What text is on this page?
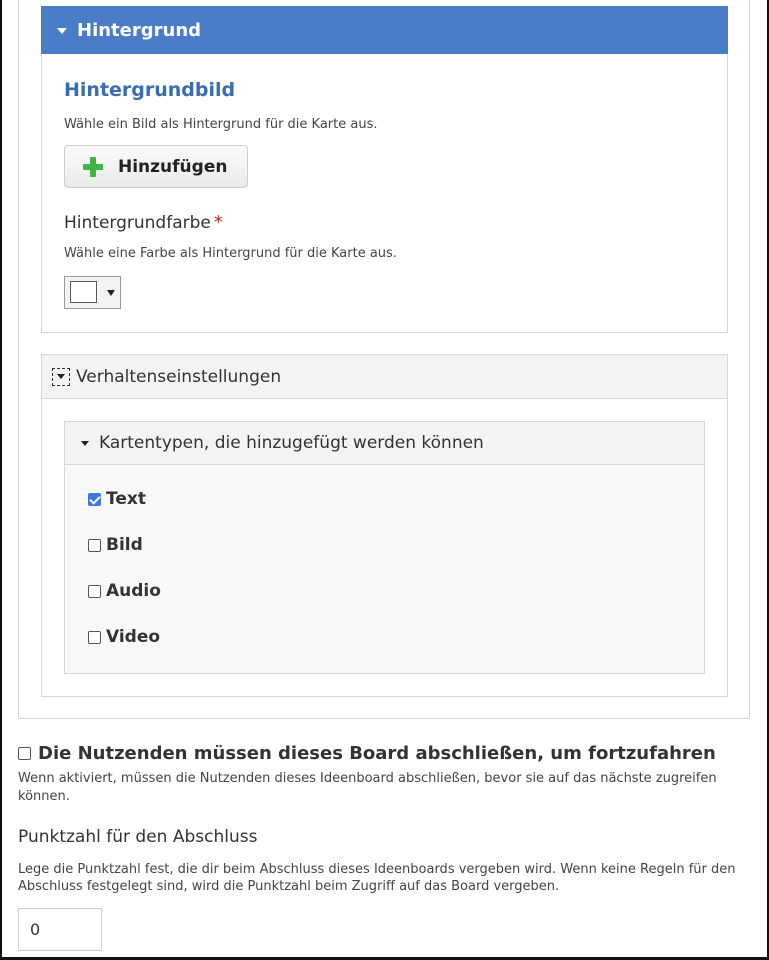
Hintergrund
Hintergrundbild
Wähle ein Bild als Hintergrund für die Karte aus.
Hinzufügen
Hintergrundfarbe *
Wähle eine Farbe als Hintergrund für die Karte aus.
Verhaltenseinstellungen
Kartentypen, die hinzugefügt werden können
Text
Bild
Audio
Video
Die Nutzenden müssen dieses Board abschließen, um fortzufahren
Wenn aktiviert, müssen die Nutzenden dieses Ideenboard abschließen, bevor sie auf das nächste zugreifen können.
Punktzahl für den Abschluss
Lege die Punktzahl fest, die dir beim Abschluss dieses Ideenboards vergeben wird. Wenn keine Regeln für den Abschluss festgelegt sind, wird die Punktzahl beim Zugriff auf das Board vergeben.
0
